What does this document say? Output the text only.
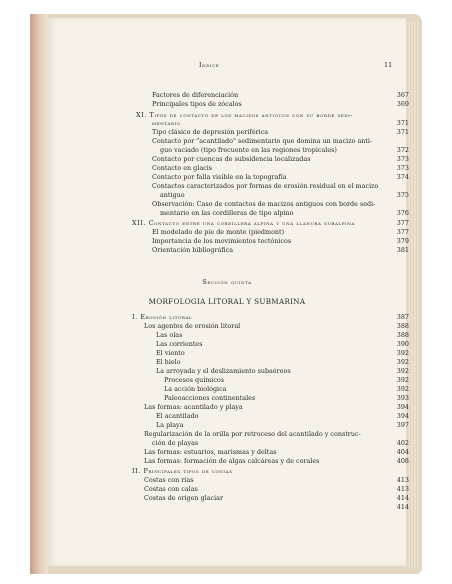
Indice	11
Factores de diferenciación	367
Principales tipos de zócalos	369
XI. Tipos de contacto de los macizos antiguos con su borde sedi-
mentario	371
Tipo clásico de depresión periférica	371
Contacto por "acantilado" sedimentario que domina un macizo anti-
guo vaciado (tipo frecuente en las regiones tropicales)	372
Contacto por cuencas de subsidencia localizadas	373
Contacto en glacis	373
Contacto por falla visible en la topografía	374
Contactos caracterizados por formas de erosión residual en el macizo
antiguo	375
Observación: Caso de contactos de macizos antiguos con borde sedi-
mentario en las cordilleras de tipo alpino	376
XII. Contacto entre una cordillera alpina y una llanura subalpina	377
El modelado de pie de monte (piedmont)	377
Importancia de los movimientos tectónicos	379
Orientación bibliográfica	381
Sección quinta
MORFOLOGIA LITORAL Y SUBMARINA
I. Erosión litoral	387
Los agentes de erosión litoral	388
Las olas	388
Las corrientes	390
El viento	392
El hielo	392
La arroyada y el deslizamiento subaéreos	392
Procesos químicos	392
La acción biológica	392
Paleoacciones continentales	393
Las formas: acantilado y playa	394
El acantilado	394
La playa	397
Regularización de la orilla por retroceso del acantilado y construc-
ción de playas	402
Las formas: estuarios, marismas y deltas	404
Las formas: formación de algas calcáreas y de corales	408
II. Principales tipos de costas
Costas con rías	413
Costas con calas	413
Costas de origen glaciar	414
414
